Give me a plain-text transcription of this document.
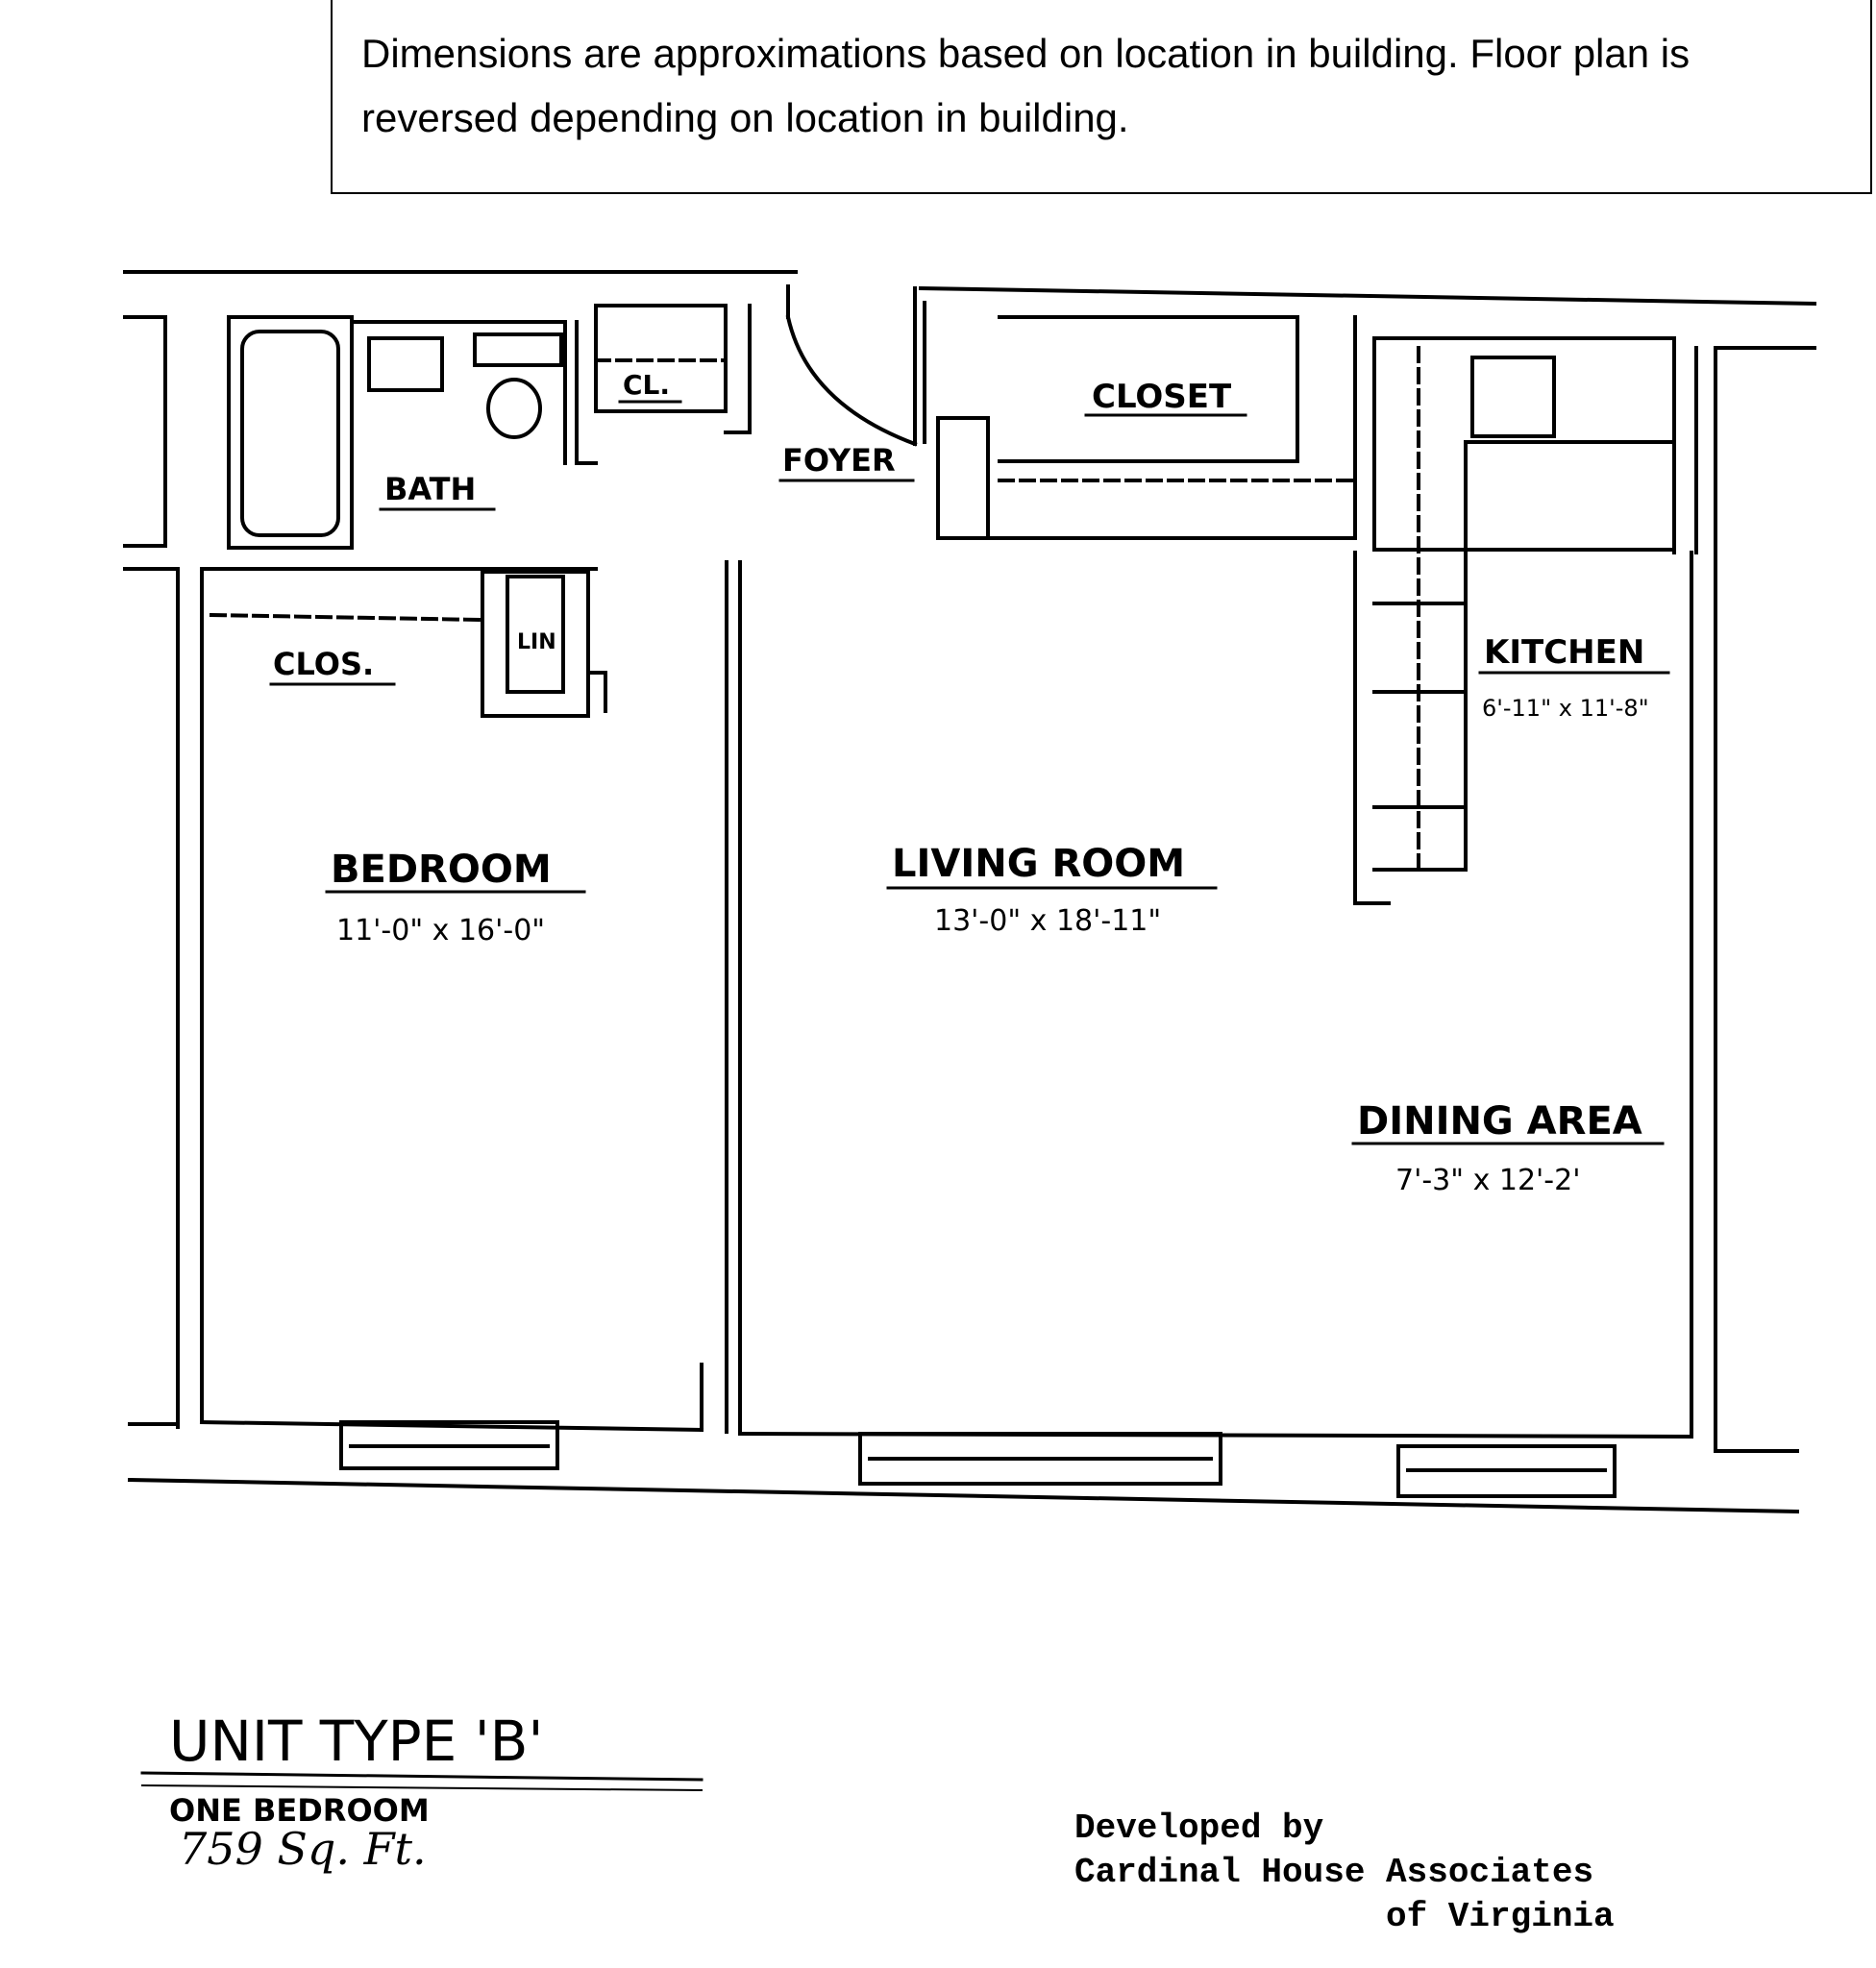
Dimensions are approximations based on location in building. Floor plan is
reversed depending on location in building.
CL.
BATH
FOYER
CLOSET
CLOS.
LIN	KITCHEN
6'-11" x 11'-8"
BEDROOM
11'-0" x 16'-0"
LIVING ROOM
13'-0" x 18'-11"
DINING AREA
7'-3" x 12'-2'
UNIT TYPE 'B'
ONE BEDROOM
759 Sq. Ft.	Developed by
Cardinal House Associates
of Virginia
